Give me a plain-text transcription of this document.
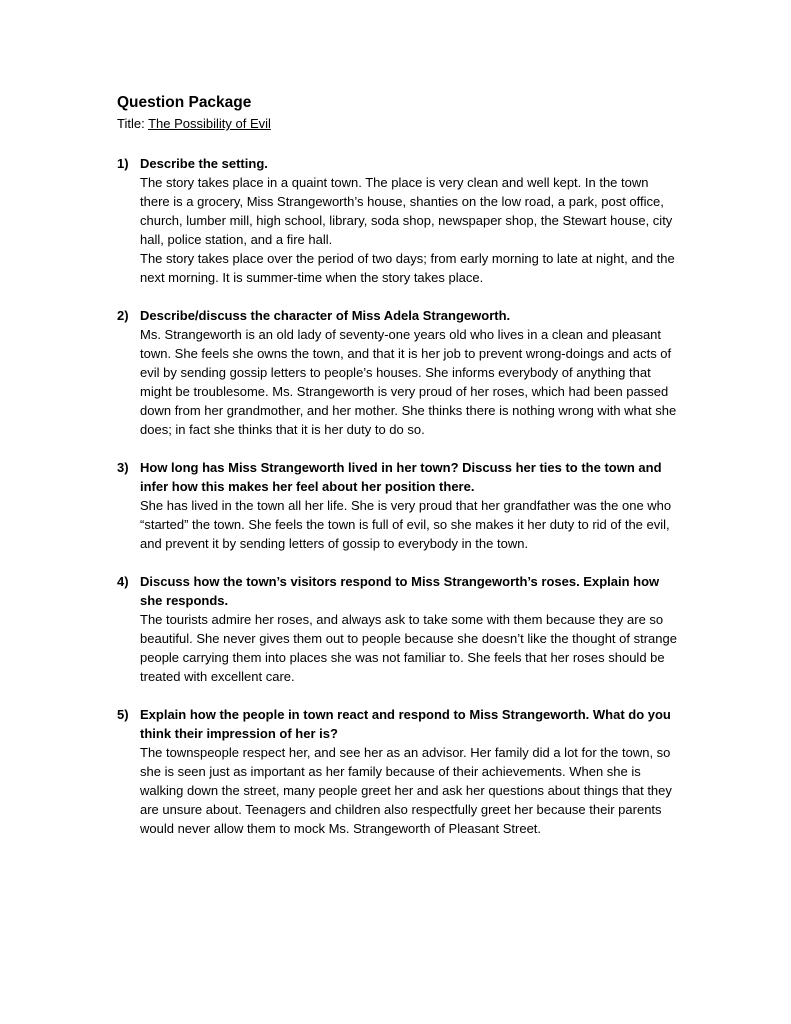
Question Package
Title: The Possibility of Evil
1) Describe the setting.

The story takes place in a quaint town. The place is very clean and well kept. In the town there is a grocery, Miss Strangeworth’s house, shanties on the low road, a park, post office, church, lumber mill, high school, library, soda shop, newspaper shop, the Stewart house, city hall, police station, and a fire hall.

The story takes place over the period of two days; from early morning to late at night, and the next morning. It is summer-time when the story takes place.

2) Describe/discuss the character of Miss Adela Strangeworth.

Ms. Strangeworth is an old lady of seventy-one years old who lives in a clean and pleasant town. She feels she owns the town, and that it is her job to prevent wrong-doings and acts of evil by sending gossip letters to people’s houses. She informs everybody of anything that might be troublesome. Ms. Strangeworth is very proud of her roses, which had been passed down from her grandmother, and her mother. She thinks there is nothing wrong with what she does; in fact she thinks that it is her duty to do so.

3) How long has Miss Strangeworth lived in her town? Discuss her ties to the town and infer how this makes her feel about her position there.

She has lived in the town all her life. She is very proud that her grandfather was the one who “started” the town. She feels the town is full of evil, so she makes it her duty to rid of the evil, and prevent it by sending letters of gossip to everybody in the town.

4) Discuss how the town’s visitors respond to Miss Strangeworth’s roses. Explain how she responds.

The tourists admire her roses, and always ask to take some with them because they are so beautiful. She never gives them out to people because she doesn’t like the thought of strange people carrying them into places she was not familiar to. She feels that her roses should be treated with excellent care.

5) Explain how the people in town react and respond to Miss Strangeworth. What do you think their impression of her is?

The townspeople respect her, and see her as an advisor. Her family did a lot for the town, so she is seen just as important as her family because of their achievements. When she is walking down the street, many people greet her and ask her questions about things that they are unsure about. Teenagers and children also respectfully greet her because their parents would never allow them to mock Ms. Strangeworth of Pleasant Street.
